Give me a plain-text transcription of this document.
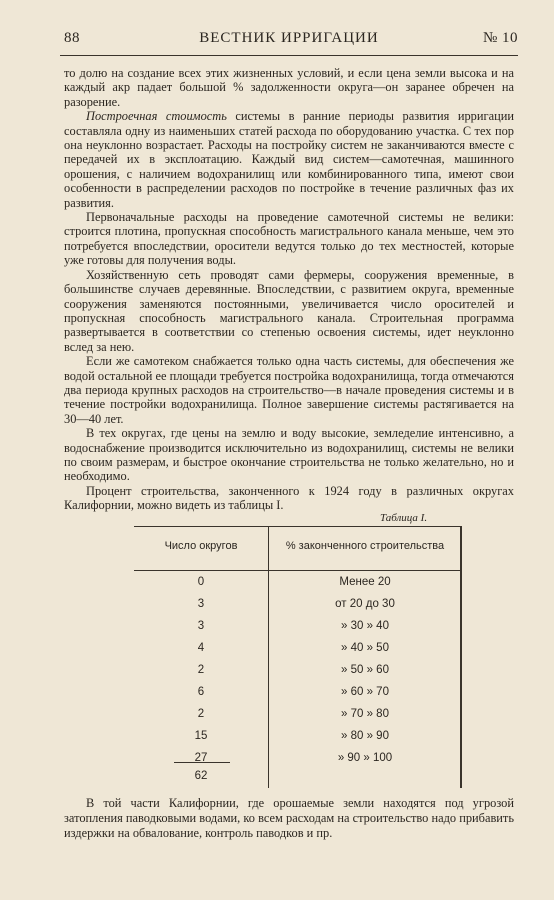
88	ВЕСТНИК ИРРИГАЦИИ	№ 10

то долю на создание всех этих жизненных условий, и если цена земли высока и на каждый акр падает большой % задолженности округа—он заранее обречен на разорение.

Построечная стоимость системы в ранние периоды развития ирригации составляла одну из наименьших статей расхода по оборудованию участка. С тех пор она неуклонно возрастает. Расходы на постройку систем не заканчиваются вместе с передачей их в эксплоатацию. Каждый вид систем—самотечная, машинного орошения, с наличием водохранилищ или комбинированного типа, имеют свои особенности в распределении расходов по постройке в течение различных фаз их развития.

Первоначальные расходы на проведение самотечной системы не велики: строится плотина, пропускная способность магистрального канала меньше, чем это потребуется впоследствии, оросители ведутся только до тех местностей, которые уже готовы для получения воды.

Хозяйственную сеть проводят сами фермеры, сооружения временные, в большинстве случаев деревянные. Впоследствии, с развитием округа, временные сооружения заменяются постоянными, увеличивается число оросителей и пропускная способность магистрального канала. Строительная программа развертывается в соответствии со степенью освоения системы, идет неуклонно вслед за нею.

Если же самотеком снабжается только одна часть системы, для обеспечения же водой остальной ее площади требуется постройка водохранилища, тогда отмечаются два периода крупных расходов на строительство—в начале проведения системы и в течение постройки водохранилища. Полное завершение системы растягивается на 30—40 лет.

В тех округах, где цены на землю и воду высокие, земледелие интенсивно, а водоснабжение производится исключительно из водохранилищ, системы не велики по своим размерам, и быстрое окончание строительства не только желательно, но и необходимо.

Процент строительства, законченного к 1924 году в различных округах Калифорнии, можно видеть из таблицы I.

Таблица I.
Число округов	% законченного строительства
0	Менее 20
3	от 20 до 30
3	» 30 » 40
4	» 40 » 50
2	» 50 » 60
6	» 60 » 70
2	» 70 » 80
15	» 80 » 90
27	» 90 » 100
62

В той части Калифорнии, где орошаемые земли находятся под угрозой затопления паводковыми водами, ко всем расходам на строительство надо прибавить издержки на обвалование, контроль паводков и пр.
